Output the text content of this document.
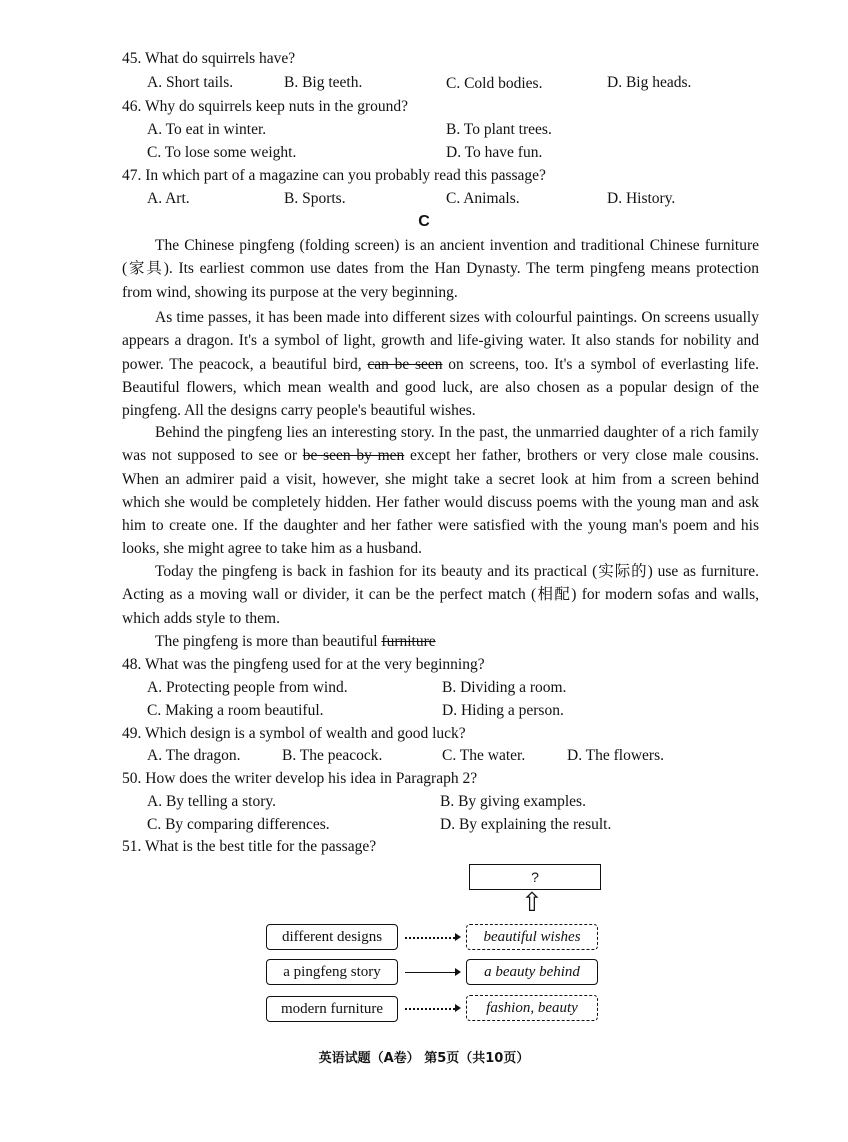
45. What do squirrels have?
A. Short tails.	B. Big teeth.	C. Cold bodies.	D. Big heads.
46. Why do squirrels keep nuts in the ground?
A. To eat in winter.	B. To plant trees.
C. To lose some weight.	D. To have fun.
47. In which part of a magazine can you probably read this passage?
A. Art.	B. Sports.	C. Animals.	D. History.
C
The Chinese pingfeng (folding screen) is an ancient invention and traditional Chinese furniture (家具). Its earliest common use dates from the Han Dynasty. The term pingfeng means protection from wind, showing its purpose at the very beginning.
As time passes, it has been made into different sizes with colourful paintings. On screens usually appears a dragon. It's a symbol of light, growth and life-giving water. It also stands for nobility and power. The peacock, a beautiful bird, can be seen on screens, too. It's a symbol of everlasting life. Beautiful flowers, which mean wealth and good luck, are also chosen as a popular design of the pingfeng. All the designs carry people's beautiful wishes.
Behind the pingfeng lies an interesting story. In the past, the unmarried daughter of a rich family was not supposed to see or be seen by men except her father, brothers or very close male cousins. When an admirer paid a visit, however, she might take a secret look at him from a screen behind which she would be completely hidden. Her father would discuss poems with the young man and ask him to create one. If the daughter and her father were satisfied with the young man's poem and his looks, she might agree to take him as a husband.
Today the pingfeng is back in fashion for its beauty and its practical (实际的) use as furniture. Acting as a moving wall or divider, it can be the perfect match (相配) for modern sofas and walls, which adds style to them.
The pingfeng is more than beautiful furniture
48. What was the pingfeng used for at the very beginning?
A. Protecting people from wind.	B. Dividing a room.
C. Making a room beautiful.	D. Hiding a person.
49. Which design is a symbol of wealth and good luck?
A. The dragon.	B. The peacock.	C. The water.	D. The flowers.
50. How does the writer develop his idea in Paragraph 2?
A. By telling a story.	B. By giving examples.
C. By comparing differences.	D. By explaining the result.
51. What is the best title for the passage?
?
⇧
different designs
a pingfeng story
modern furniture
beautiful wishes
a beauty behind
fashion, beauty
英语试题（A卷） 第5页（共10页）
